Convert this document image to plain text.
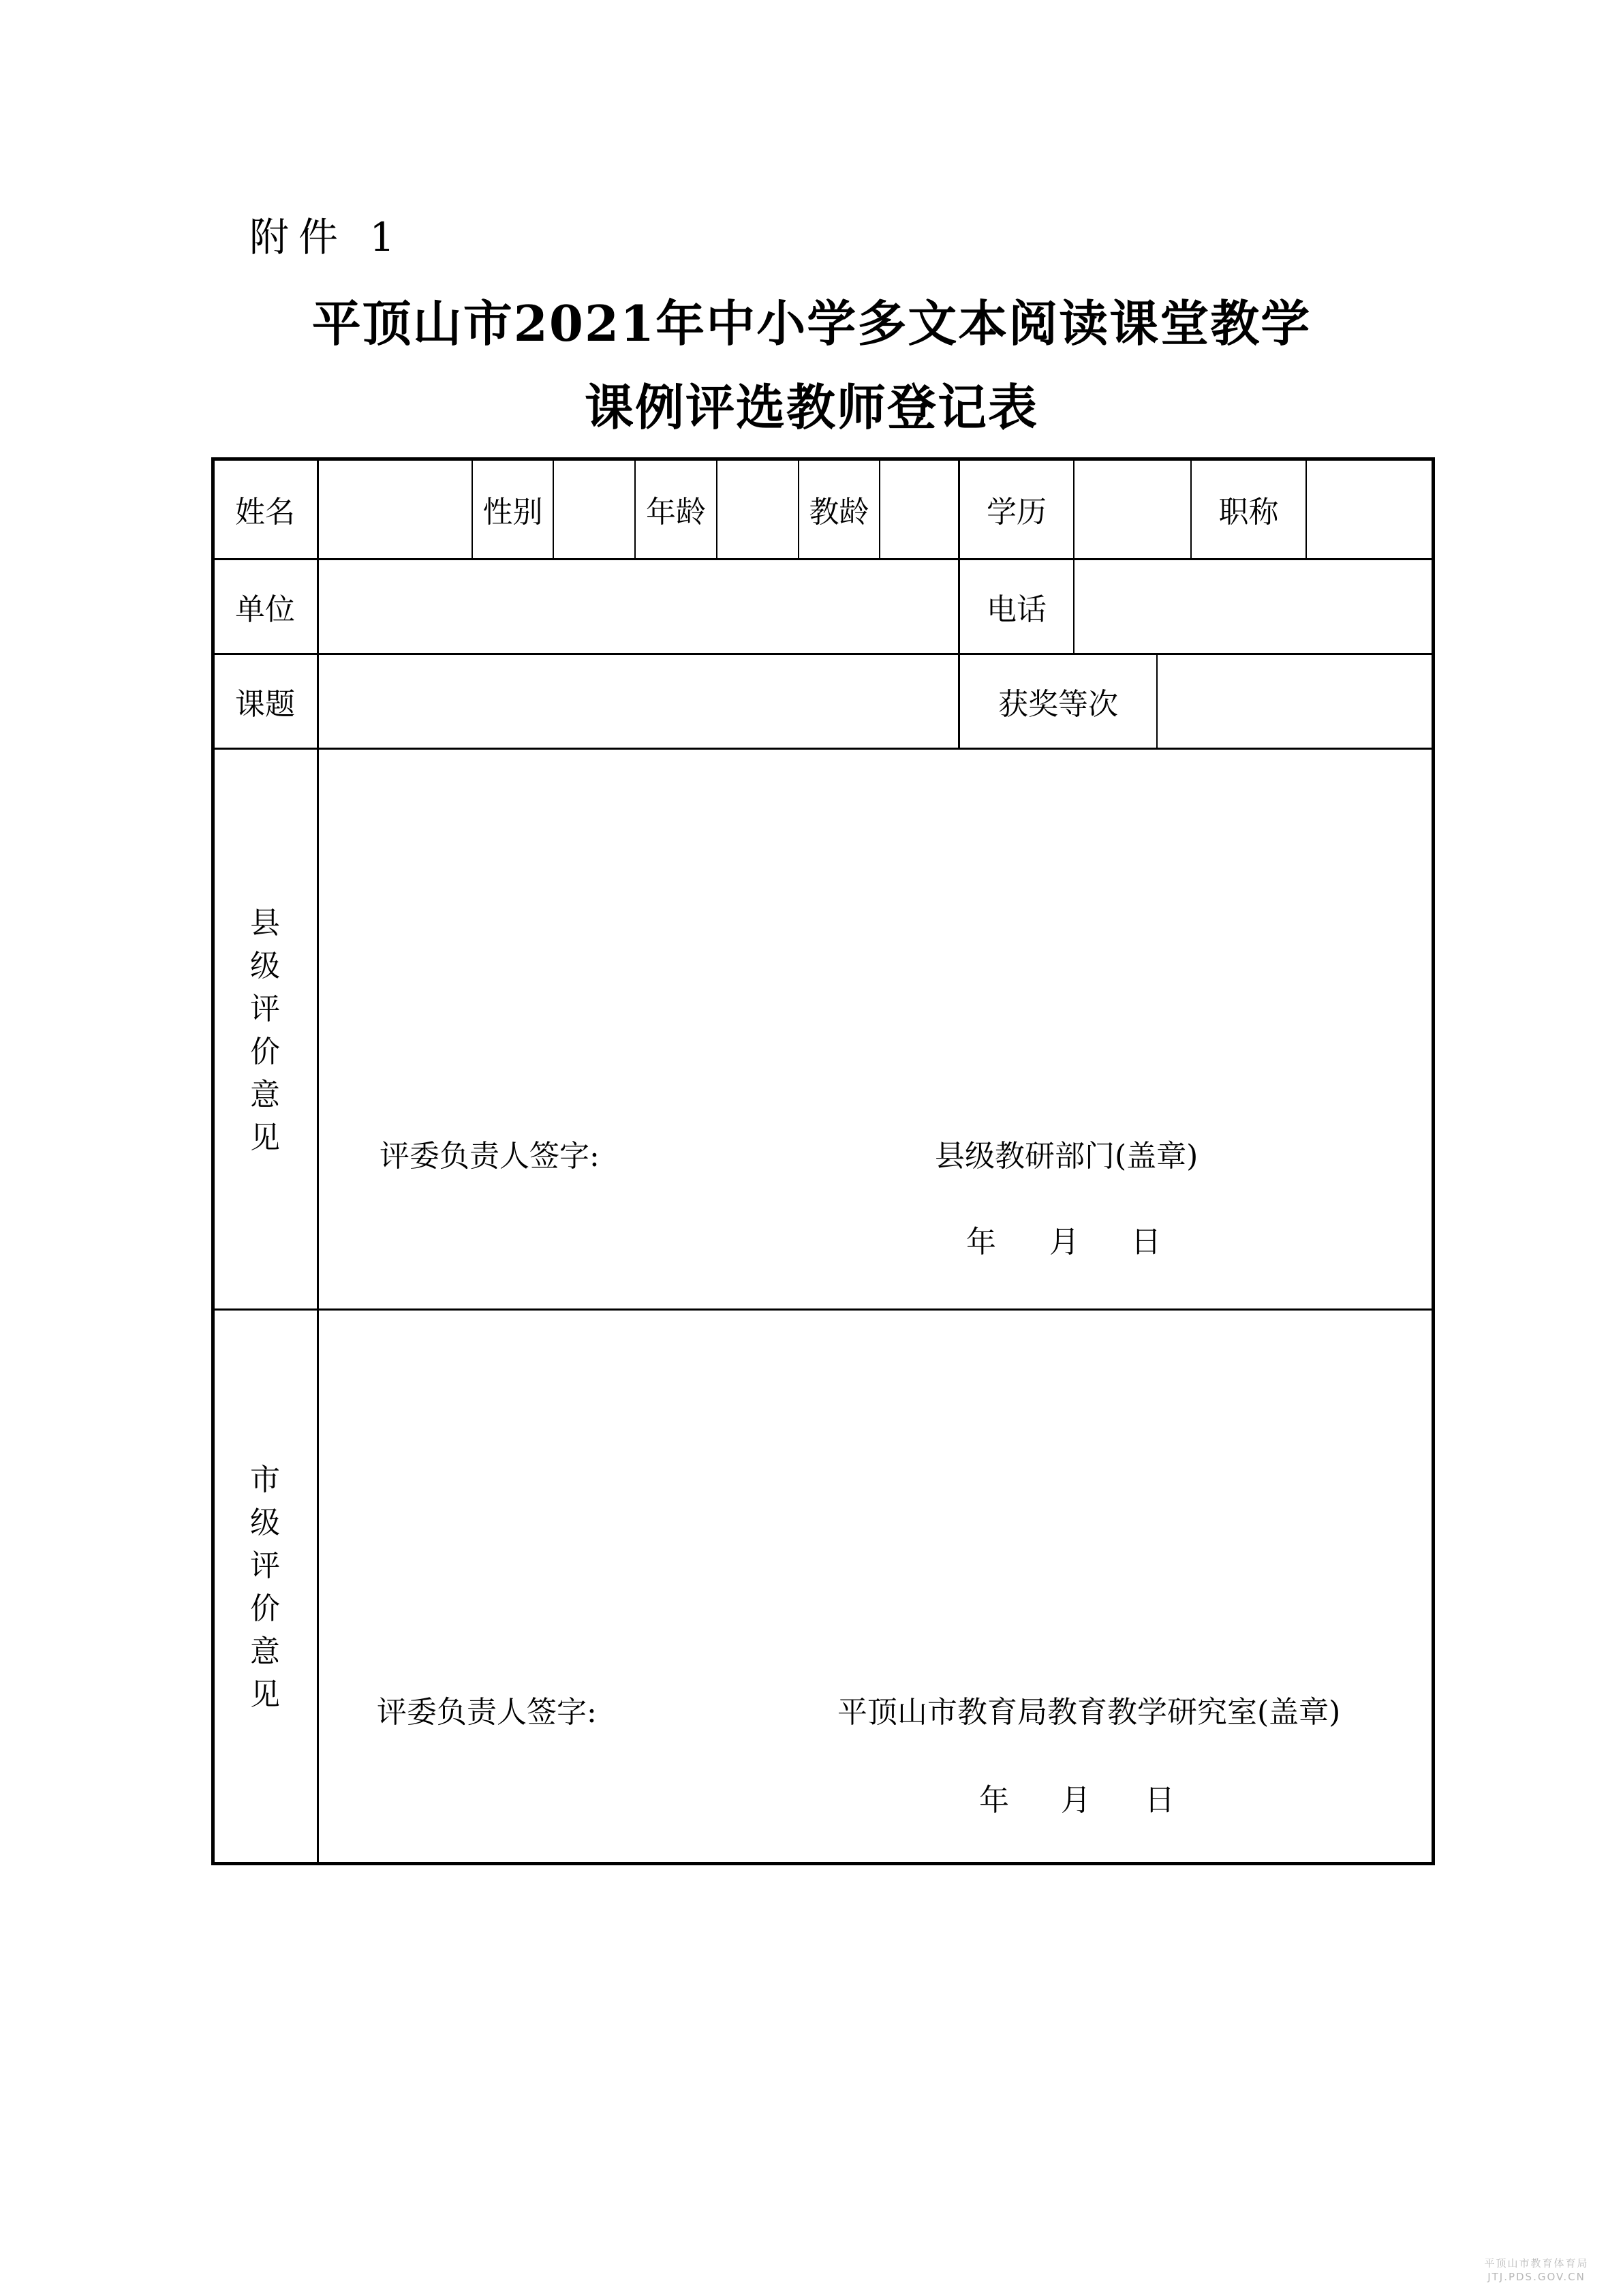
附件 1
平顶山市2021年中小学多文本阅读课堂教学
课例评选教师登记表
姓名	性别	年龄	教龄	学历	职称
单位	电话
课题	获奖等次
县
级
评
价
意
见
评委负责人签字:	县级教研部门(盖章)
年 月 日
市
级
评
价
意
见
评委负责人签字:	平顶山市教育局教育教学研究室(盖章)
年 月 日
平顶山市教育体育局
JTJ.PDS.GOV.CN
